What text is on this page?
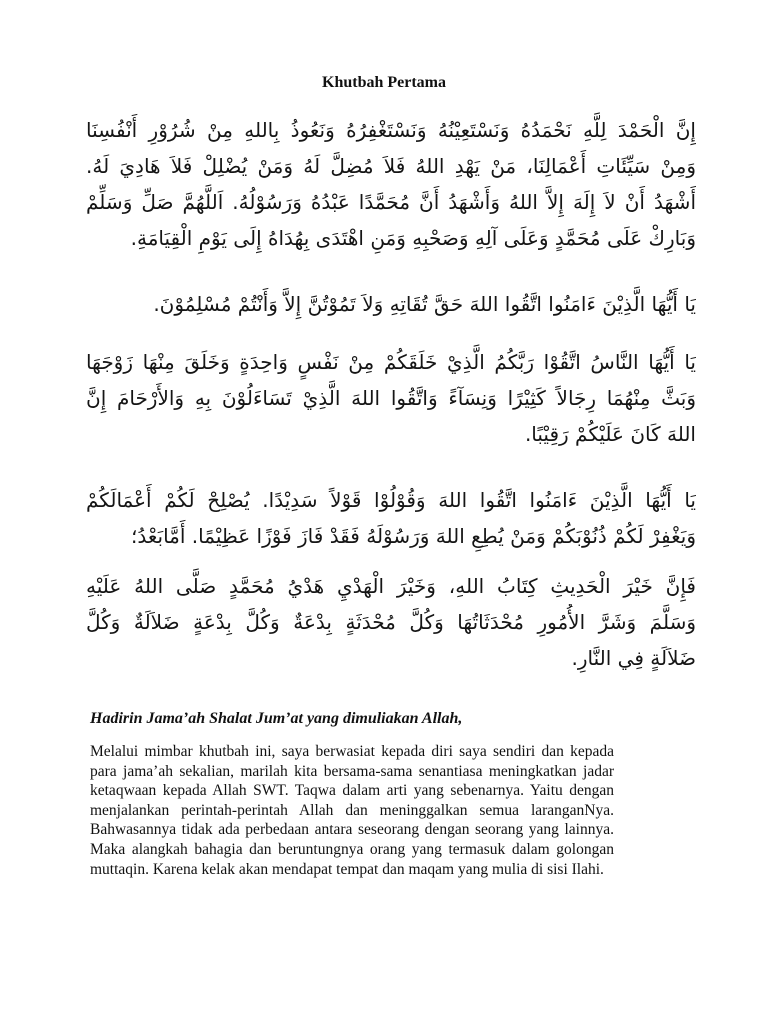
Khutbah Pertama
إِنَّ الْحَمْدَ لِلَّهِ نَحْمَدُهُ وَنَسْتَعِيْنُهُ وَنَسْتَغْفِرُهُ وَنَعُوذُ بِاللهِ مِنْ شُرُوْرِ أَنْفُسِنَا
وَمِنْ سَيِّئَاتِ أَعْمَالِنَا، مَنْ يَهْدِ اللهُ فَلاَ مُضِلَّ لَهُ وَمَنْ يُضْلِلْ فَلاَ هَادِيَ لَهُ.
أَشْهَدُ أَنْ لاَ إِلَهَ إِلاَّ اللهُ وَأَشْهَدُ أَنَّ مُحَمَّدًا عَبْدُهُ وَرَسُوْلُهُ. اَللَّهُمَّ صَلِّ وَسَلِّمْ
وَبَارِكْ عَلَى مُحَمَّدٍ وَعَلَى آلِهِ وَصَحْبِهِ وَمَنِ اهْتَدَى بِهُدَاهُ إِلَى يَوْمِ الْقِيَامَةِ.
يَا أَيُّهَا الَّذِيْنَ ءَامَنُوا اتَّقُوا اللهَ حَقَّ تُقَاتِهِ وَلاَ تَمُوْتُنَّ إِلاَّ وَأَنْتُمْ مُسْلِمُوْنَ.
يَا أَيُّهَا النَّاسُ اتَّقُوْا رَبَّكُمُ الَّذِيْ خَلَقَكُمْ مِنْ نَفْسٍ وَاحِدَةٍ وَخَلَقَ مِنْهَا زَوْجَهَا
وَبَثَّ مِنْهُمَا رِجَالاً كَثِيْرًا وَنِسَآءً وَاتَّقُوا اللهَ الَّذِيْ تَسَاءَلُوْنَ بِهِ وَالأَرْحَامَ إِنَّ
اللهَ كَانَ عَلَيْكُمْ رَقِيْبًا.
يَا أَيُّهَا الَّذِيْنَ ءَامَنُوا اتَّقُوا اللهَ وَقُوْلُوْا قَوْلاً سَدِيْدًا. يُصْلِحْ لَكُمْ أَعْمَالَكُمْ
وَيَغْفِرْ لَكُمْ ذُنُوْبَكُمْ وَمَنْ يُطِعِ اللهَ وَرَسُوْلَهُ فَقَدْ فَازَ فَوْزًا عَظِيْمًا. أَمَّابَعْدُ؛
فَإِنَّ خَيْرَ الْحَدِيثِ كِتَابُ اللهِ، وَخَيْرَ الْهَدْيِ هَدْيُ مُحَمَّدٍ صَلَّى اللهُ عَلَيْهِ
وَسَلَّمَ وَشَرَّ الأُمُورِ مُحْدَثَاتُهَا وَكُلَّ مُحْدَثَةٍ بِدْعَةٌ وَكُلَّ بِدْعَةٍ ضَلاَلَةٌ وَكُلَّ
ضَلاَلَةٍ فِي النَّارِ.
Hadirin Jama’ah Shalat Jum’at yang dimuliakan Allah,
Melalui mimbar khutbah ini, saya berwasiat kepada diri saya sendiri dan kepada para jama’ah sekalian, marilah kita bersama-sama senantiasa meningkatkan jadar ketaqwaan kepada Allah SWT. Taqwa dalam arti yang sebenarnya. Yaitu dengan menjalankan perintah-perintah Allah dan meninggalkan semua laranganNya. Bahwasannya tidak ada perbedaan antara seseorang dengan seorang yang lainnya. Maka alangkah bahagia dan beruntungnya orang yang termasuk dalam golongan muttaqin. Karena kelak akan mendapat tempat dan maqam yang mulia di sisi Ilahi.
